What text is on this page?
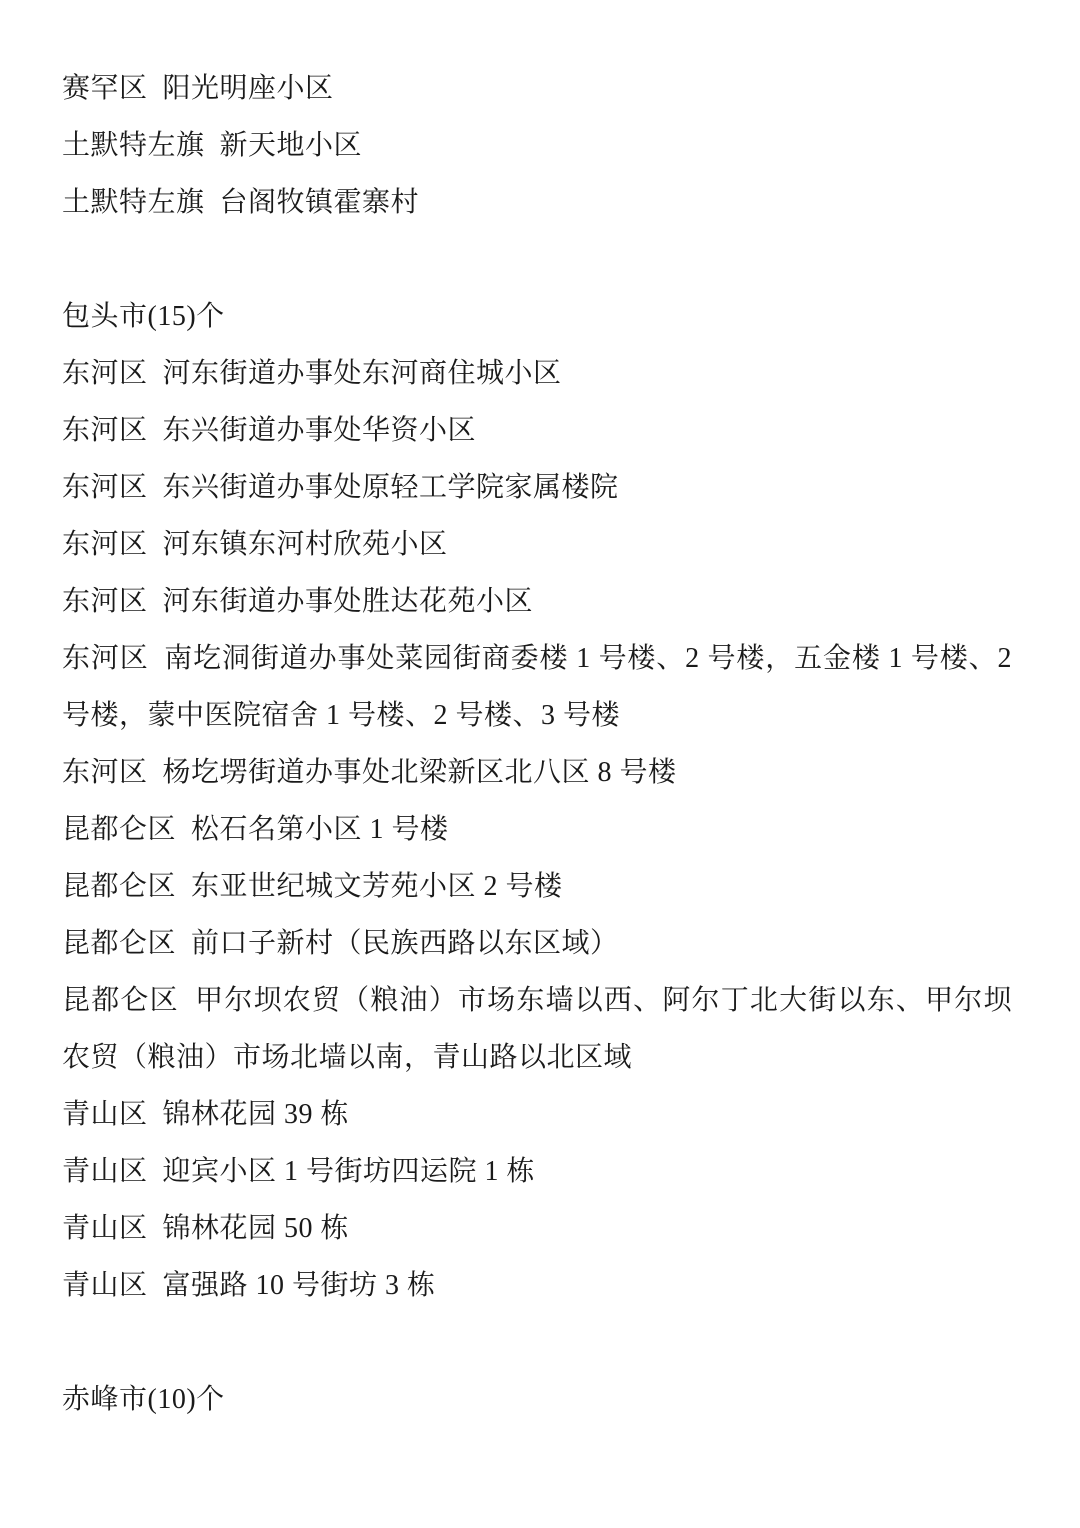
赛罕区  阳光明座小区

土默特左旗  新天地小区

土默特左旗  台阁牧镇霍寨村

包头市(15)个

东河区  河东街道办事处东河商住城小区

东河区  东兴街道办事处华资小区

东河区  东兴街道办事处原轻工学院家属楼院

东河区  河东镇东河村欣苑小区

东河区  河东街道办事处胜达花苑小区

东河区  南圪洞街道办事处菜园街商委楼 1 号楼、2 号楼，五金楼 1 号楼、2 号楼，蒙中医院宿舍 1 号楼、2 号楼、3 号楼

东河区  杨圪塄街道办事处北梁新区北八区 8 号楼

昆都仑区  松石名第小区 1 号楼

昆都仑区  东亚世纪城文芳苑小区 2 号楼

昆都仑区  前口子新村（民族西路以东区域）

昆都仑区  甲尔坝农贸（粮油）市场东墙以西、阿尔丁北大街以东、甲尔坝农贸（粮油）市场北墙以南，青山路以北区域

青山区  锦林花园 39 栋

青山区  迎宾小区 1 号街坊四运院 1 栋

青山区  锦林花园 50 栋

青山区  富强路 10 号街坊 3 栋

赤峰市(10)个
